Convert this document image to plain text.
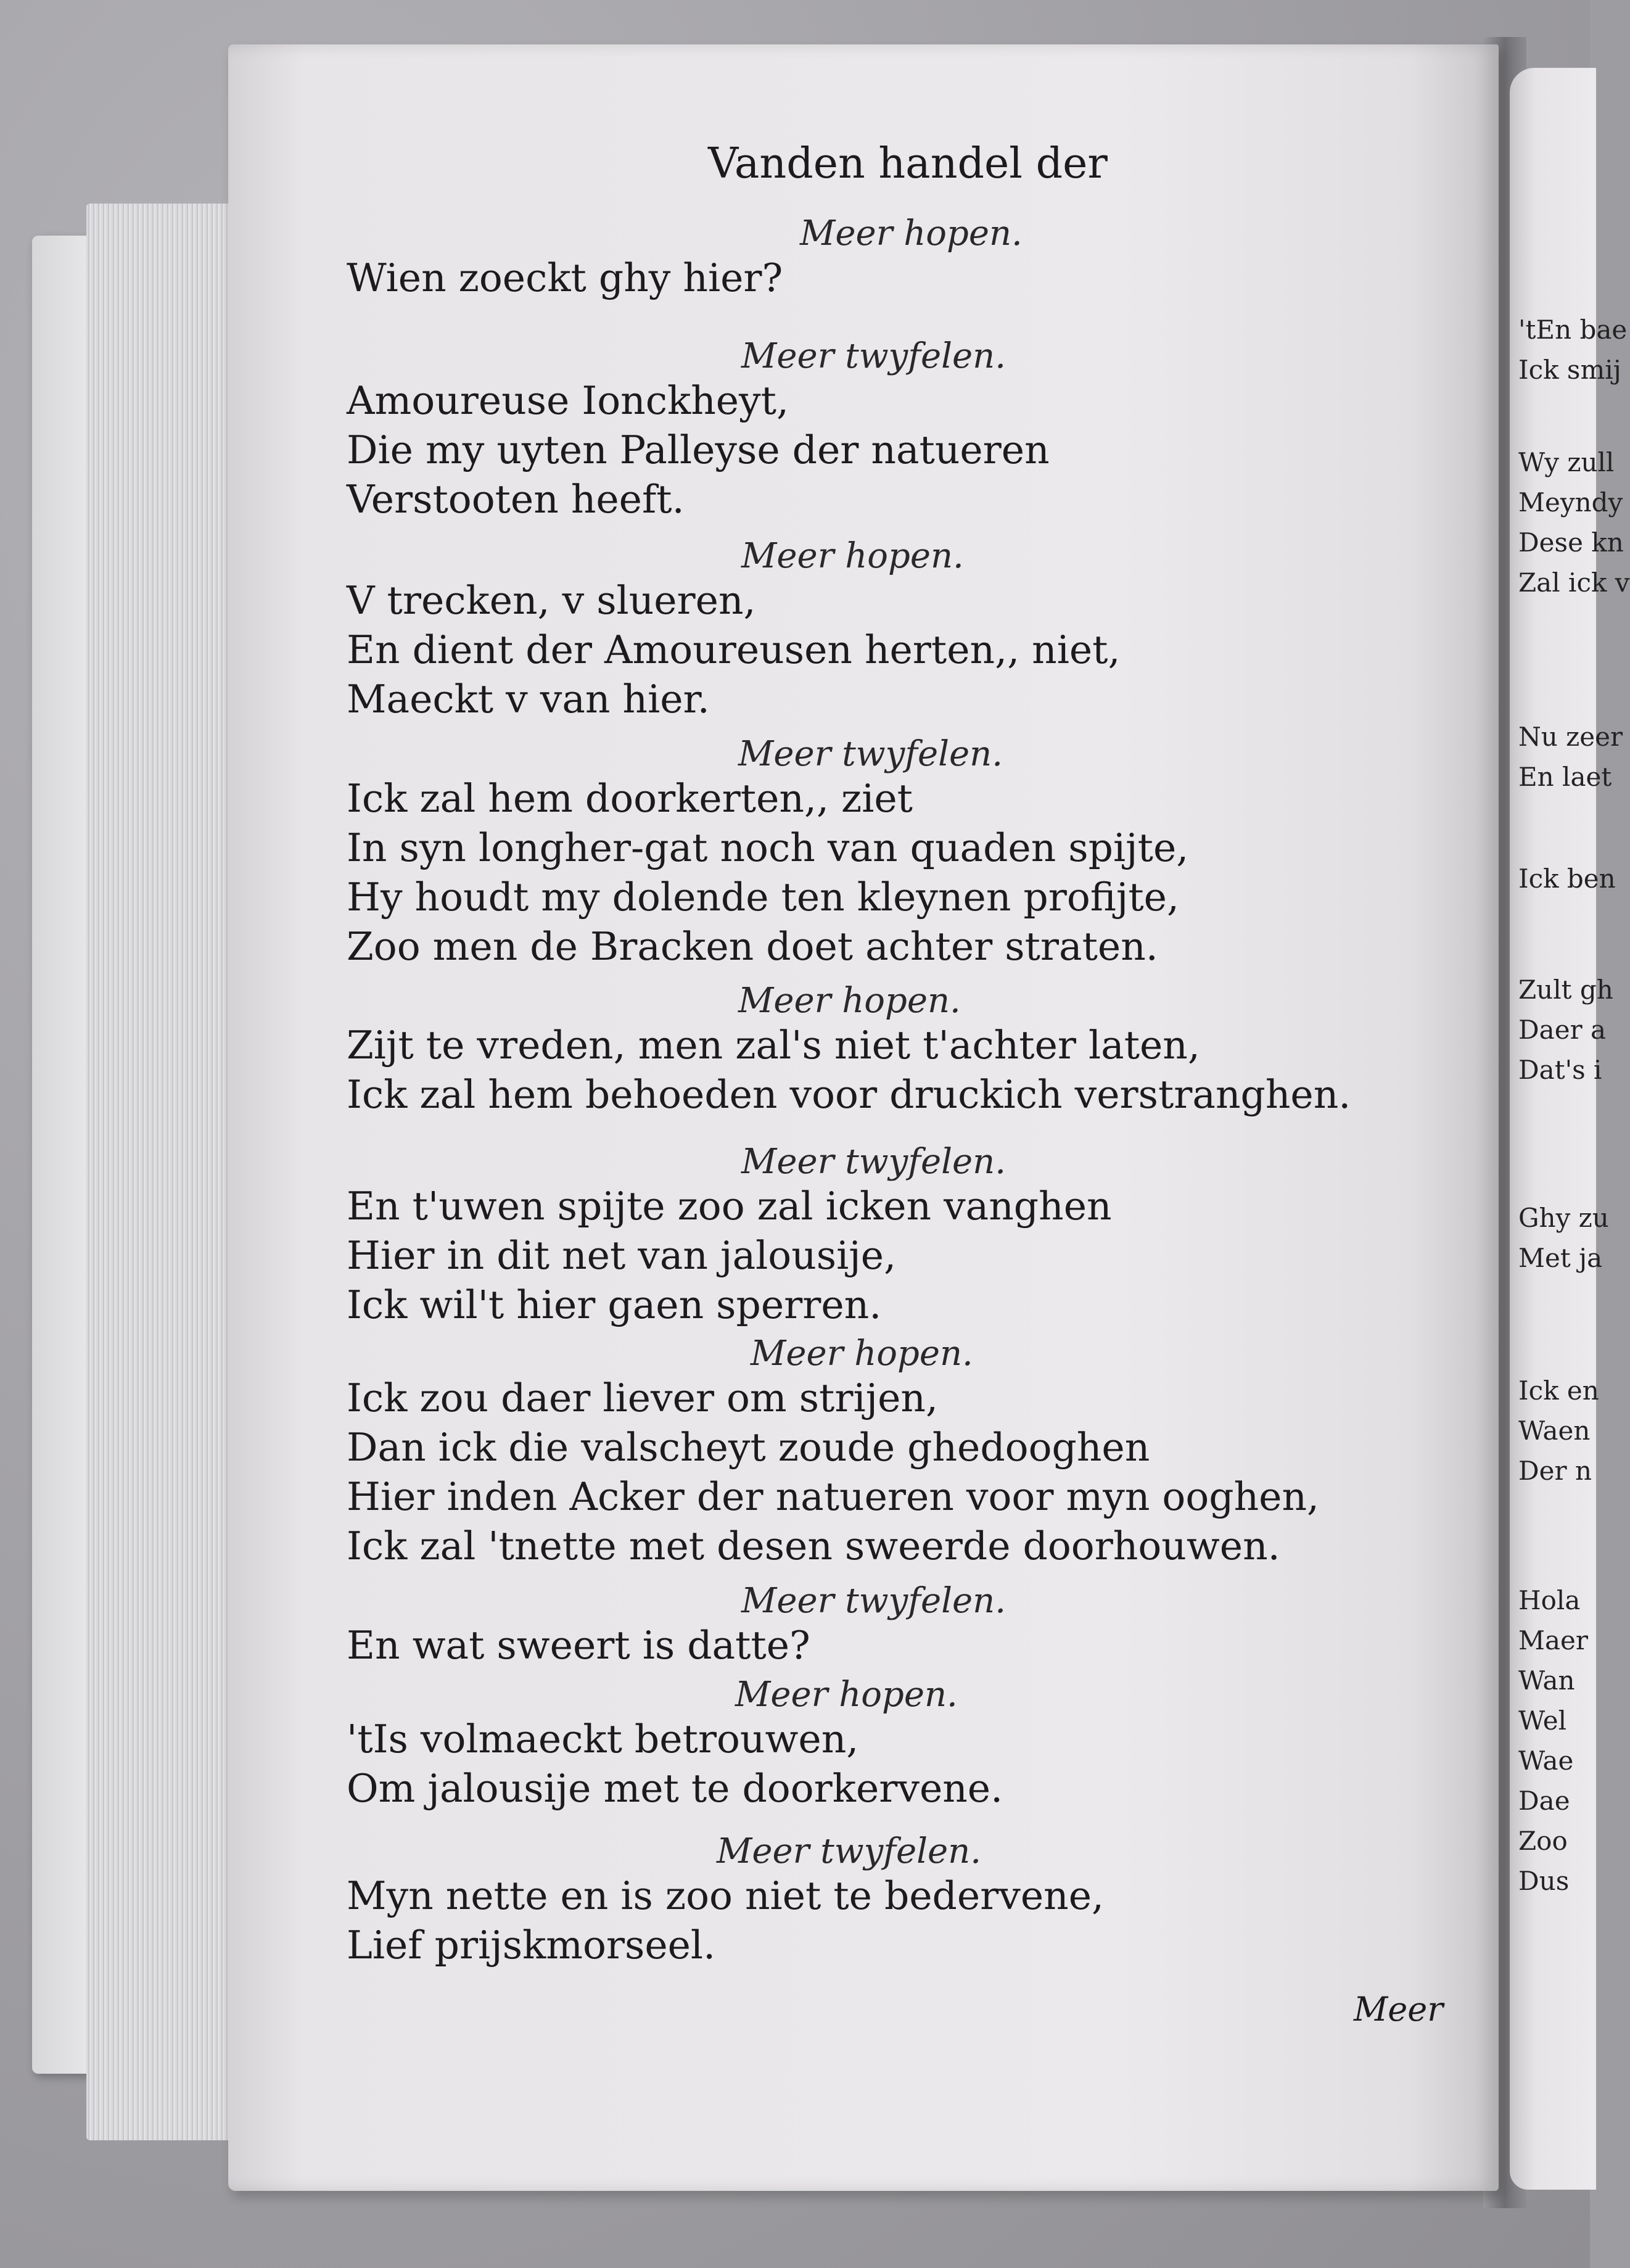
'tEn bae
Ick smij
Wy zull
Meyndy
Dese kn
Zal ick v
Nu zeer
En laet
Ick ben
Zult gh
Daer a
Dat's i
Ghy zu
Met ja
Ick en
Waen
Der n
Hola
Maer
Wan
Wel
Wae
Dae
Zoo
Dus
Vanden handel der
Meer hopen.
Wien zoeckt ghy hier?
Meer twyfelen.
Amoureuse Ionckheyt,
Die my uyten Palleyse der natueren
Verstooten heeft.
Meer hopen.
V trecken, v slueren,
En dient der Amoureusen herten,, niet,
Maeckt v van hier.
Meer twyfelen.
Ick zal hem doorkerten,, ziet
In syn longher-gat noch van quaden spijte,
Hy houdt my dolende ten kleynen profijte,
Zoo men de Bracken doet achter straten.
Meer hopen.
Zijt te vreden, men zal's niet t'achter laten,
Ick zal hem behoeden voor druckich verstranghen.
Meer twyfelen.
En t'uwen spijte zoo zal icken vanghen
Hier in dit net van jalousije,
Ick wil't hier gaen sperren.
Meer hopen.
Ick zou daer liever om strijen,
Dan ick die valscheyt zoude ghedooghen
Hier inden Acker der natueren voor myn ooghen,
Ick zal 'tnette met desen sweerde doorhouwen.
Meer twyfelen.
En wat sweert is datte?
Meer hopen.
'tIs volmaeckt betrouwen,
Om jalousije met te doorkervene.
Meer twyfelen.
Myn nette en is zoo niet te bedervene,
Lief prijskmorseel.
Meer
